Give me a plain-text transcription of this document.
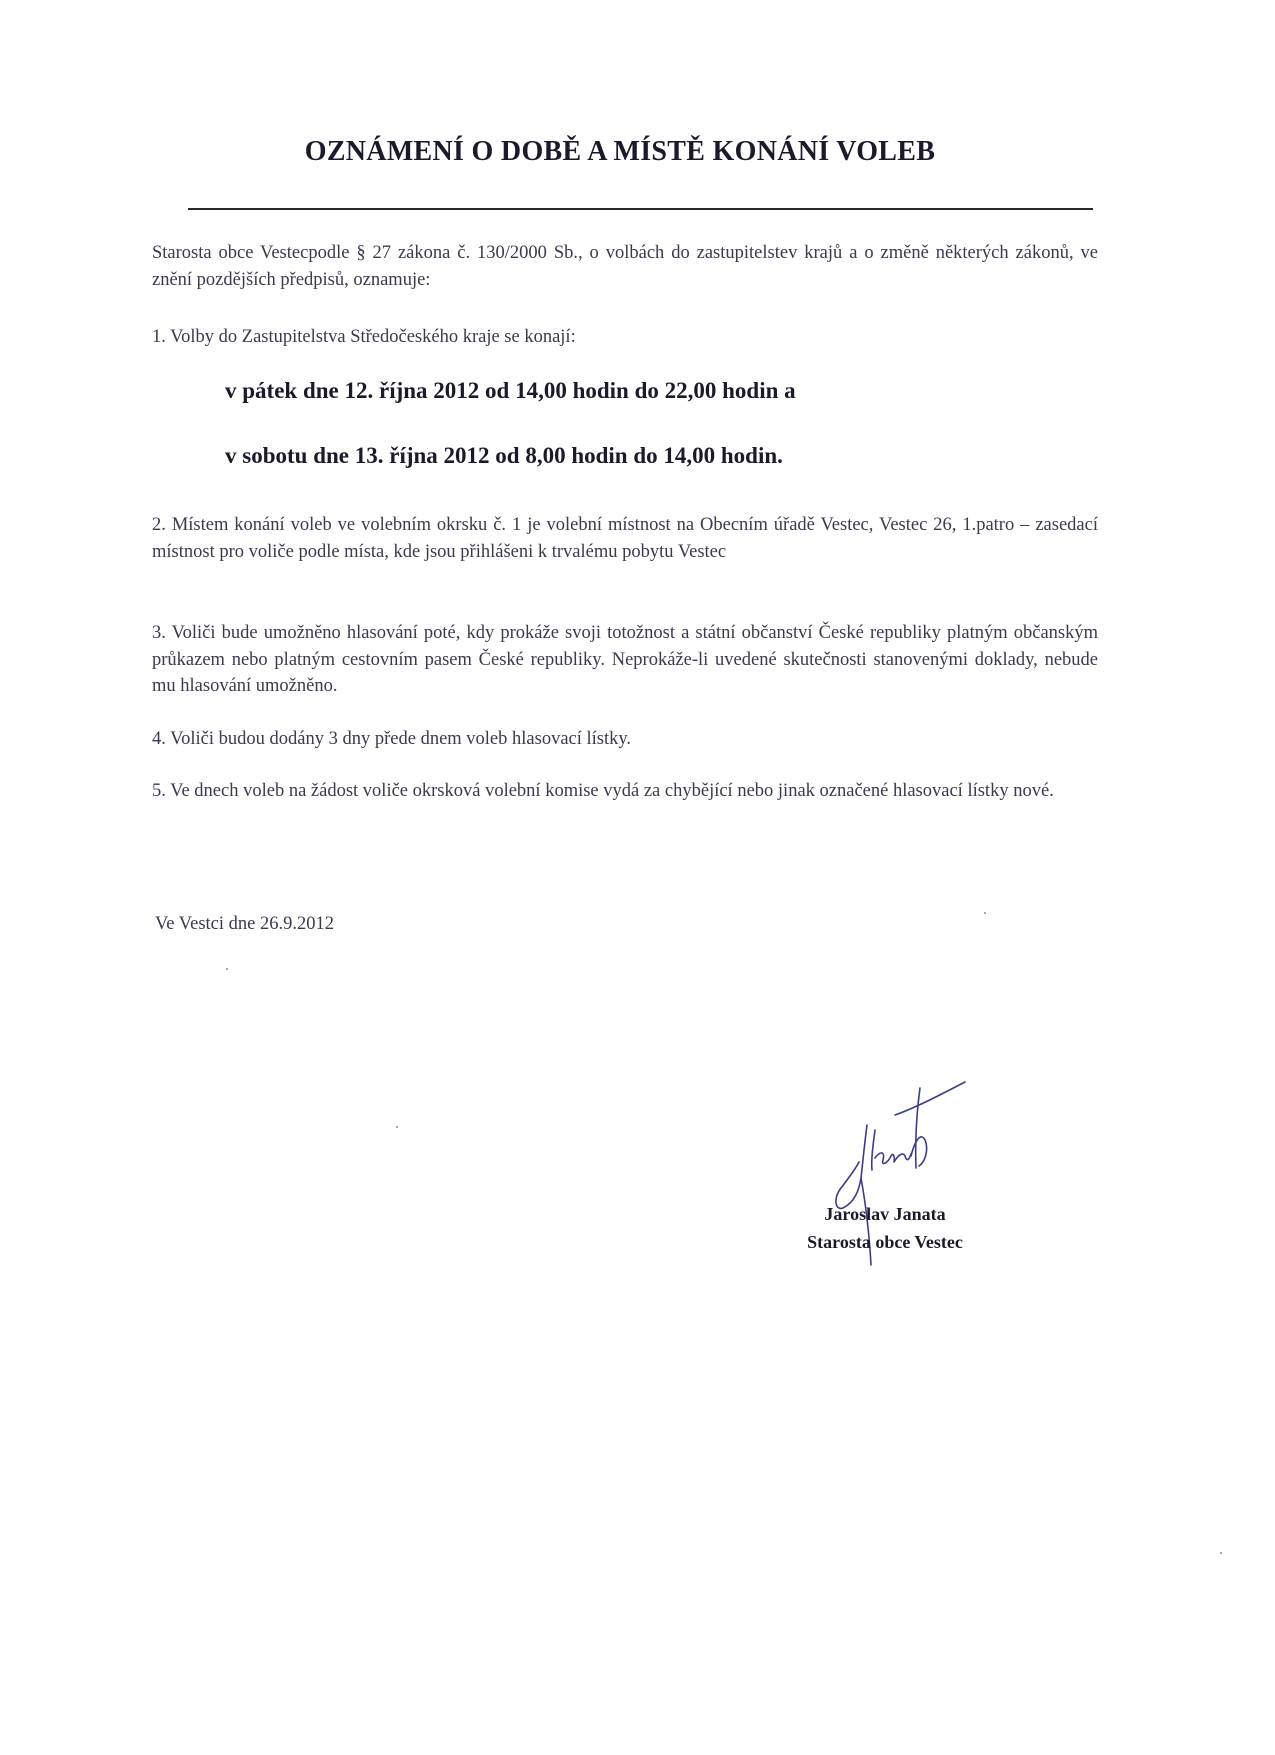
OZNÁMENÍ O DOBĚ A MÍSTĚ KONÁNÍ VOLEB

Starosta obce Vestecpodle § 27 zákona č. 130/2000 Sb., o volbách do zastupitelstev krajů a o změně některých zákonů, ve znění pozdějších předpisů, oznamuje:

1. Volby do Zastupitelstva Středočeského kraje se konají:

v pátek dne 12. října 2012 od 14,00 hodin do 22,00 hodin a

v sobotu dne 13. října 2012 od 8,00 hodin do 14,00 hodin.

2. Místem konání voleb ve volebním okrsku č. 1 je volební místnost na Obecním úřadě Vestec, Vestec 26, 1.patro – zasedací místnost pro voliče podle místa, kde jsou přihlášeni k trvalému pobytu Vestec

3. Voliči bude umožněno hlasování poté, kdy prokáže svoji totožnost a státní občanství České republiky platným občanským průkazem nebo platným cestovním pasem České republiky. Neprokáže-li uvedené skutečnosti stanovenými doklady, nebude mu hlasování umožněno.

4. Voliči budou dodány 3 dny přede dnem voleb hlasovací lístky.

5. Ve dnech voleb na žádost voliče okrsková volební komise vydá za chybějící nebo jinak označené hlasovací lístky nové.

Ve Vestci dne 26.9.2012

Jaroslav Janata
Starosta obce Vestec
